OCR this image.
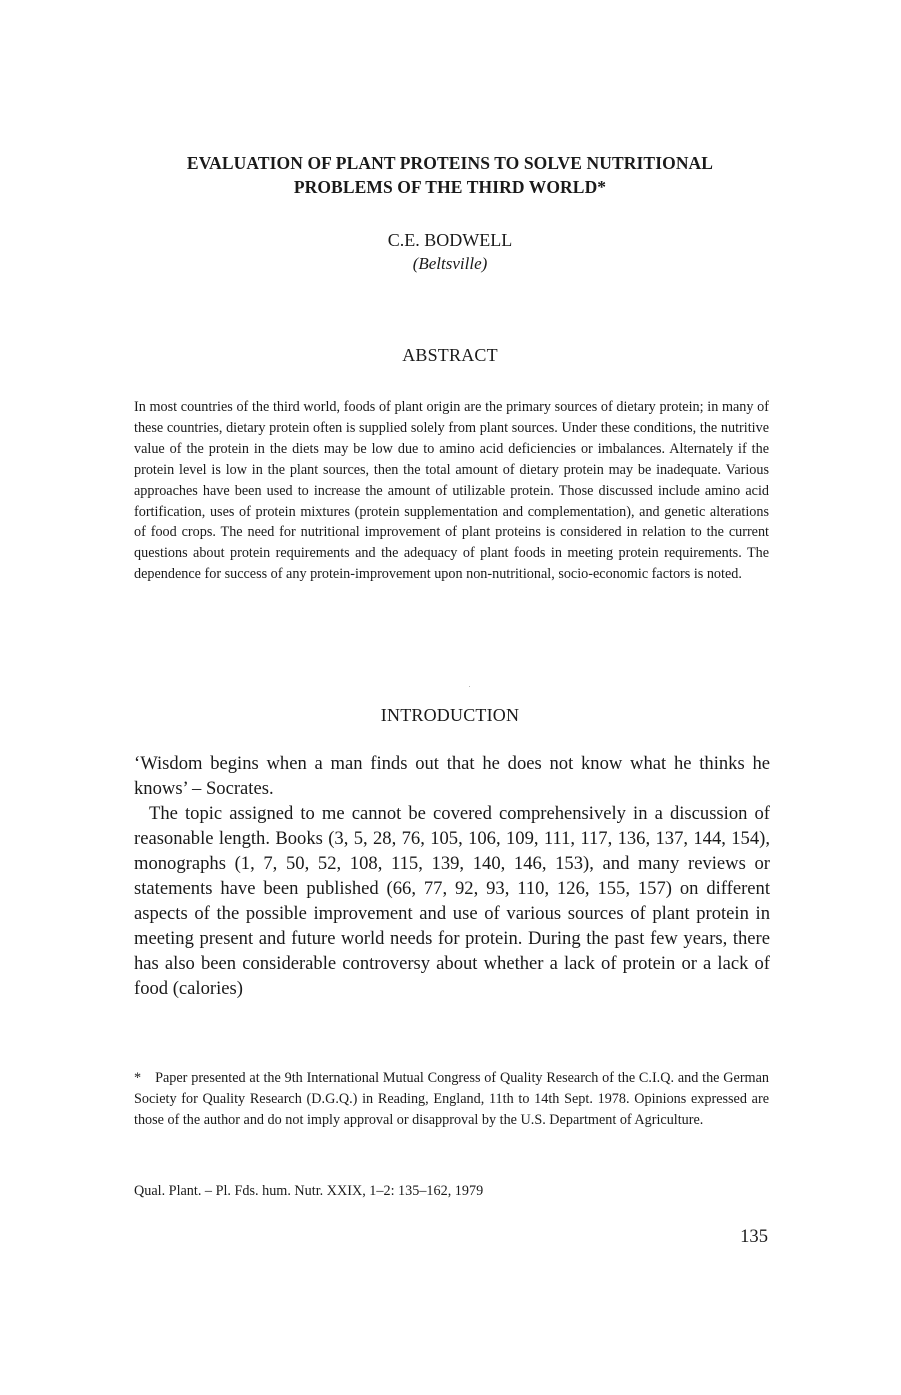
EVALUATION OF PLANT PROTEINS TO SOLVE NUTRITIONAL
PROBLEMS OF THE THIRD WORLD*
C.E. BODWELL
(Beltsville)
ABSTRACT

In most countries of the third world, foods of plant origin are the primary sources of dietary protein; in many of these countries, dietary protein often is supplied solely from plant sources. Under these conditions, the nutritive value of the protein in the diets may be low due to amino acid deficiencies or imbalances. Alternately if the protein level is low in the plant sources, then the total amount of dietary protein may be inadequate. Various approaches have been used to increase the amount of utilizable protein. Those discussed include amino acid fortification, uses of protein mixtures (protein supplementation and complementation), and genetic alterations of food crops. The need for nutritional improvement of plant proteins is considered in relation to the current questions about protein requirements and the adequacy of plant foods in meeting protein requirements. The dependence for success of any protein-improvement upon non-nutritional, socio-economic factors is noted.

INTRODUCTION

‘Wisdom begins when a man finds out that he does not know what he thinks he knows’ – Socrates.

The topic assigned to me cannot be covered comprehensively in a discussion of reasonable length. Books (3, 5, 28, 76, 105, 106, 109, 111, 117, 136, 137, 144, 154), monographs (1, 7, 50, 52, 108, 115, 139, 140, 146, 153), and many reviews or statements have been published (66, 77, 92, 93, 110, 126, 155, 157) on different aspects of the possible improvement and use of various sources of plant protein in meeting present and future world needs for protein. During the past few years, there has also been considerable controversy about whether a lack of protein or a lack of food (calories)

* Paper presented at the 9th International Mutual Congress of Quality Research of the C.I.Q. and the German Society for Quality Research (D.G.Q.) in Reading, England, 11th to 14th Sept. 1978. Opinions expressed are those of the author and do not imply approval or disapproval by the U.S. Department of Agriculture.

Qual. Plant. – Pl. Fds. hum. Nutr. XXIX, 1–2: 135–162, 1979
135
